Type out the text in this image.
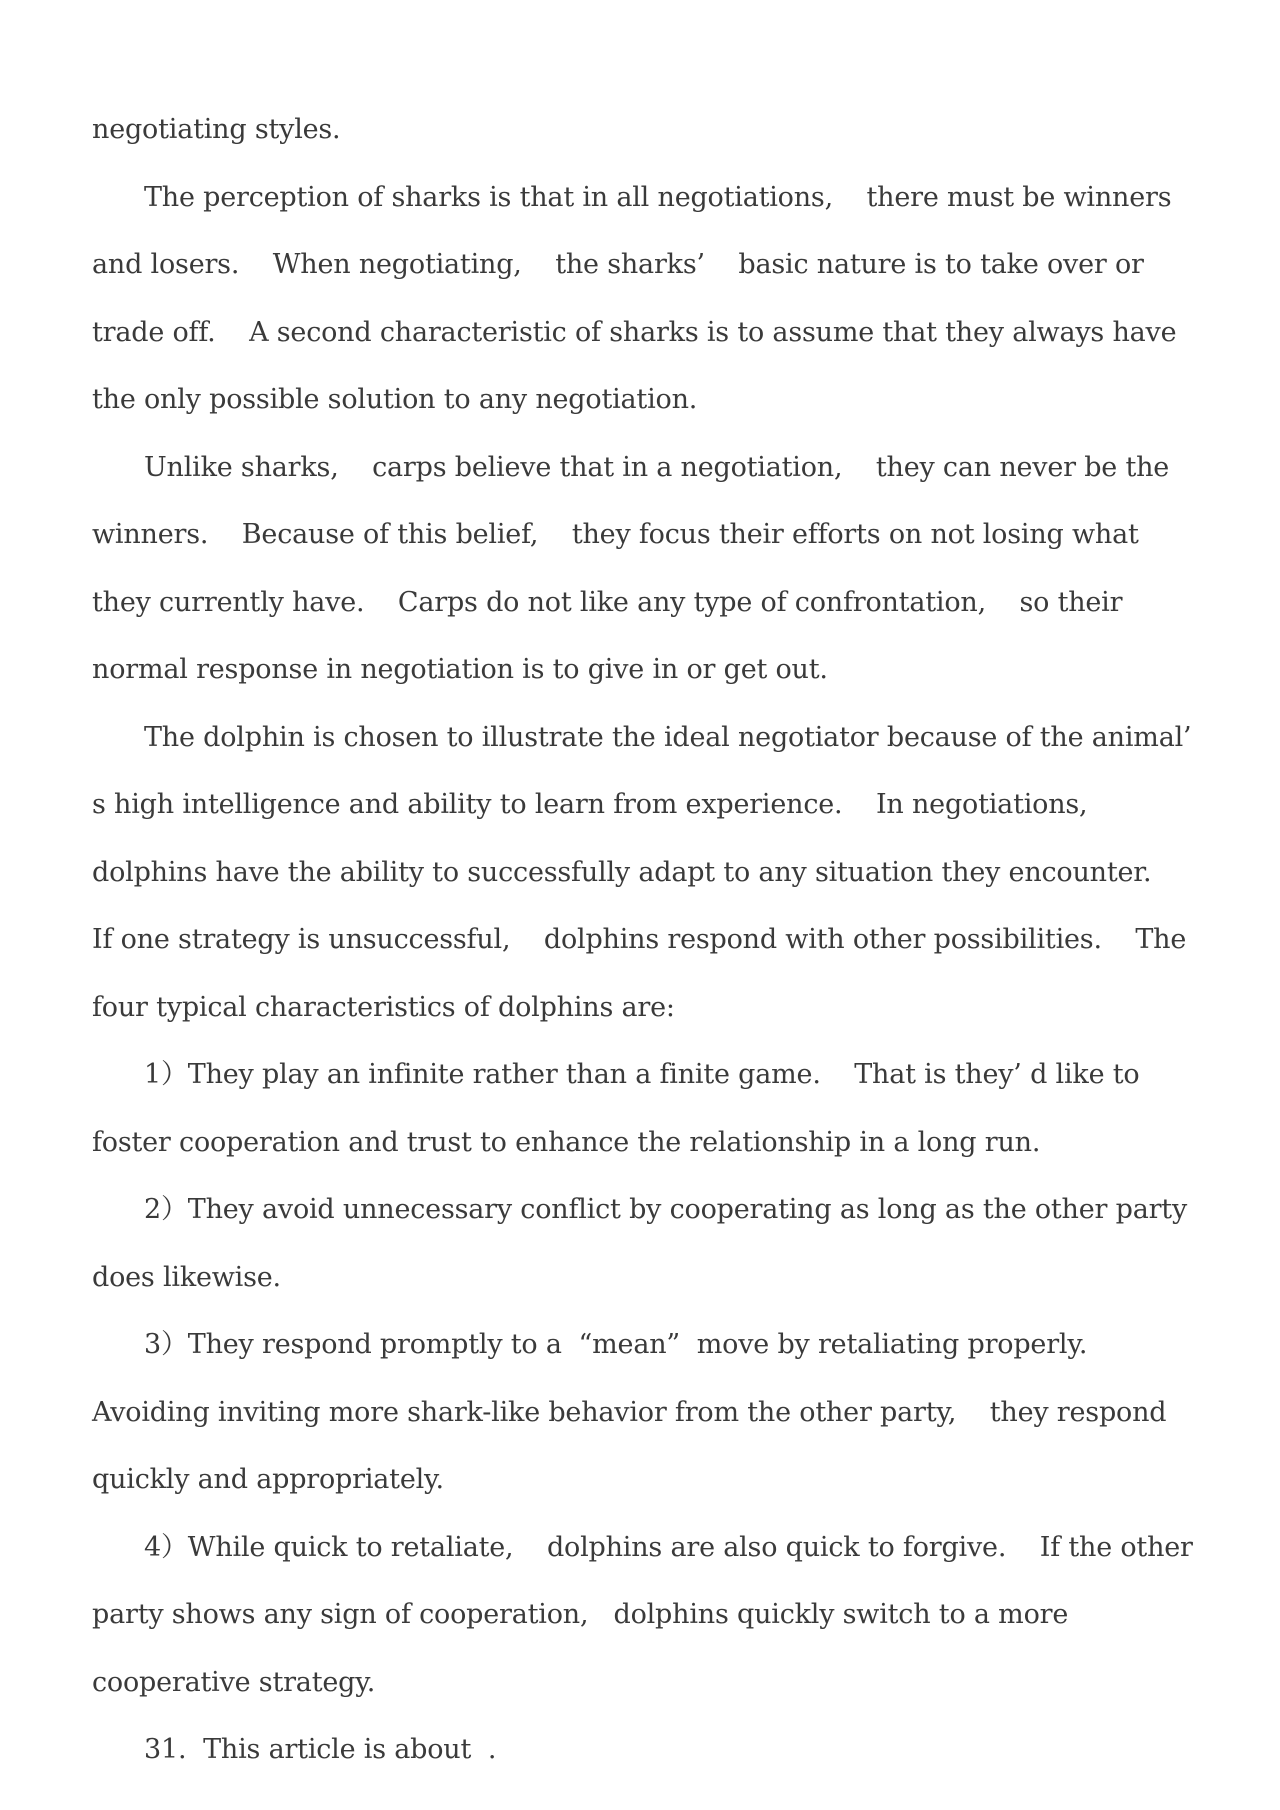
negotiating styles.

The perception of sharks is that in all negotiations,    there must be winners and losers.    When negotiating,    the sharks’    basic nature is to take over or trade off.    A second characteristic of sharks is to assume that they always have the only possible solution to any negotiation.

Unlike sharks,    carps believe that in a negotiation,    they can never be the winners.    Because of this belief,    they focus their efforts on not losing what they currently have.    Carps do not like any type of confrontation,    so their normal response in negotiation is to give in or get out.

The dolphin is chosen to illustrate the ideal negotiator because of the animal’ s high intelligence and ability to learn from experience.    In negotiations,    dolphins have the ability to successfully adapt to any situation they encounter.    If one strategy is unsuccessful,    dolphins respond with other possibilities.    The four typical characteristics of dolphins are:

1）They play an infinite rather than a finite game.    That is they’ d like to foster cooperation and trust to enhance the relationship in a long run.

2）They avoid unnecessary conflict by cooperating as long as the other party does likewise.

3）They respond promptly to a  “mean”  move by retaliating properly.    Avoiding inviting more shark-like behavior from the other party,    they respond quickly and appropriately.

4）While quick to retaliate,    dolphins are also quick to forgive.    If the other party shows any sign of cooperation,   dolphins quickly switch to a more cooperative strategy.

31.  This article is about  .
